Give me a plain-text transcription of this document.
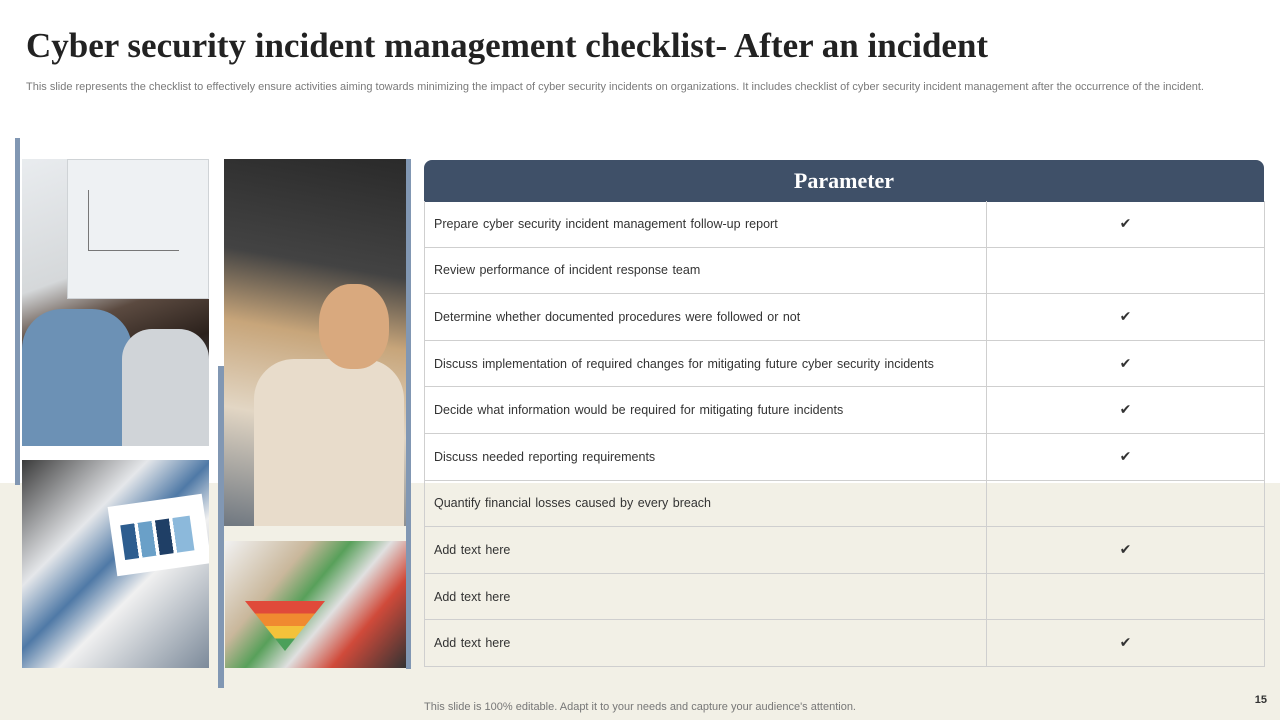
Cyber security incident management checklist- After an incident

This slide represents the checklist to effectively ensure activities aiming towards minimizing the impact of cyber security incidents on organizations. It includes checklist of cyber security incident management after the occurrence of the incident.

Parameter
Prepare cyber security incident management follow-up report	✔
Review performance of incident response team
Determine whether documented procedures were followed or not	✔
Discuss implementation of required changes for mitigating future cyber security incidents	✔
Decide what information would be required for mitigating future incidents	✔
Discuss needed reporting requirements	✔
Quantify financial losses caused by every breach
Add text here	✔
Add text here
Add text here	✔
This slide is 100% editable. Adapt it to your needs and capture your audience's attention.
15
